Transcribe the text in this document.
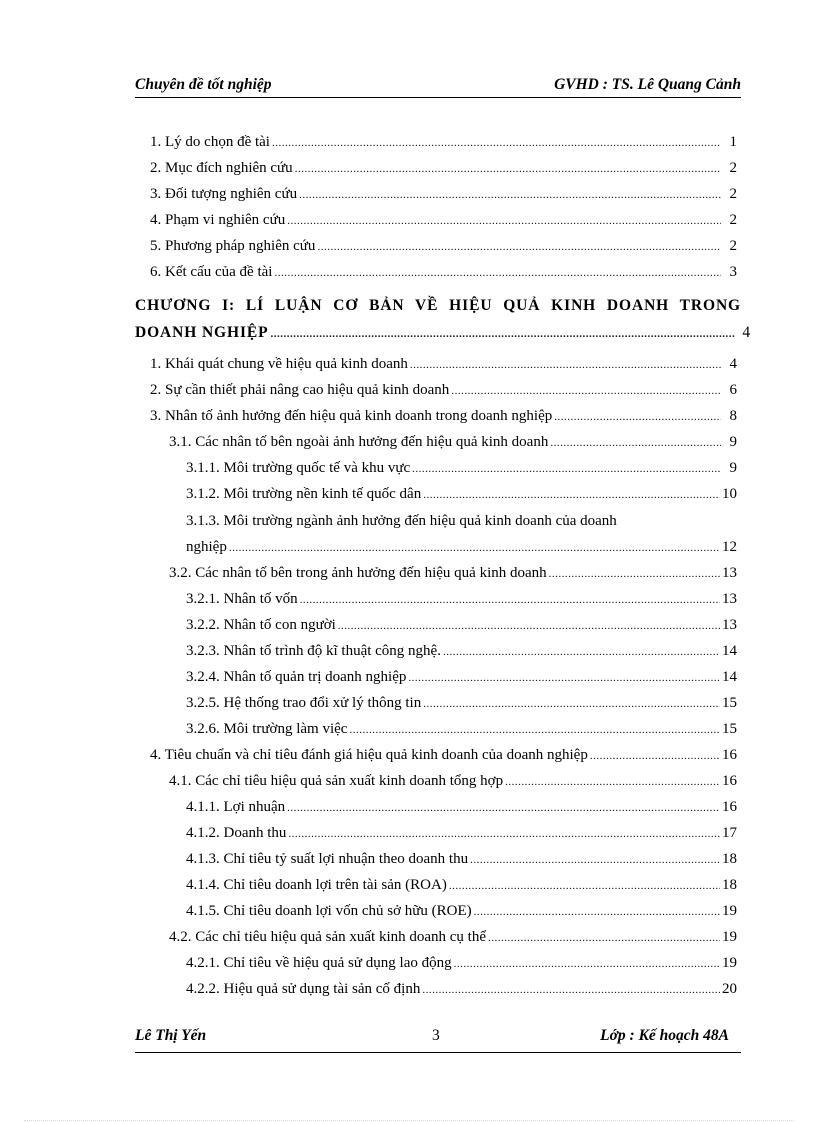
Chuyên đề tốt nghiệp	GVHD : TS. Lê Quang Cảnh
1. Lý do chọn đề tài .....	1
2. Mục đích nghiên cứu .....	2
3. Đối tượng nghiên cứu .....	2
4. Phạm vi nghiên cứu .....	2
5. Phương pháp nghiên cứu .....	2
6. Kết cấu của đề tài .....	3
CHƯƠNG I: LÍ LUẬN CƠ BẢN VỀ HIỆU QUẢ KINH DOANH TRONG
DOANH NGHIỆP .....	4
1. Khái quát chung về hiệu quả kinh doanh .....	4
2. Sự cần thiết phải nâng cao hiệu quả kinh doanh .....	6
3. Nhân tố ảnh hưởng đến hiệu quả kinh doanh trong doanh nghiệp .....	8
3.1. Các nhân tố bên ngoài ảnh hưởng đến hiệu quả kinh doanh .....	9
3.1.1. Môi trường quốc tế và khu vực .....	9
3.1.2. Môi trường nền kinh tế quốc dân .....	10
3.1.3. Môi trường ngành ảnh hưởng đến hiệu quả kinh doanh của doanh
nghiệp .....	12
3.2. Các nhân tố bên trong ảnh hưởng đến hiệu quả kinh doanh .....	13
3.2.1. Nhân tố vốn .....	13
3.2.2. Nhân tố con người .....	13
3.2.3. Nhân tố trình độ kĩ thuật công nghệ. .....	14
3.2.4. Nhân tố quản trị doanh nghiệp .....	14
3.2.5. Hệ thống trao đổi xử lý thông tin .....	15
3.2.6. Môi trường làm việc .....	15
4. Tiêu chuẩn và chỉ tiêu đánh giá hiệu quả kinh doanh của doanh nghiệp .....	16
4.1. Các chỉ tiêu hiệu quả sản xuất kinh doanh tổng hợp .....	16
4.1.1. Lợi nhuận .....	16
4.1.2. Doanh thu .....	17
4.1.3. Chỉ tiêu tỷ suất lợi nhuận theo doanh thu .....	18
4.1.4. Chỉ tiêu doanh lợi trên tài sản (ROA) .....	18
4.1.5. Chỉ tiêu doanh lợi vốn chủ sở hữu (ROE) .....	19
4.2. Các chỉ tiêu hiệu quả sản xuất kinh doanh cụ thể .....	19
4.2.1. Chỉ tiêu về hiệu quả sử dụng lao động .....	19
4.2.2. Hiệu quả sử dụng tài sản cố định .....	20
Lê Thị Yến	3	Lớp : Kế hoạch 48A
